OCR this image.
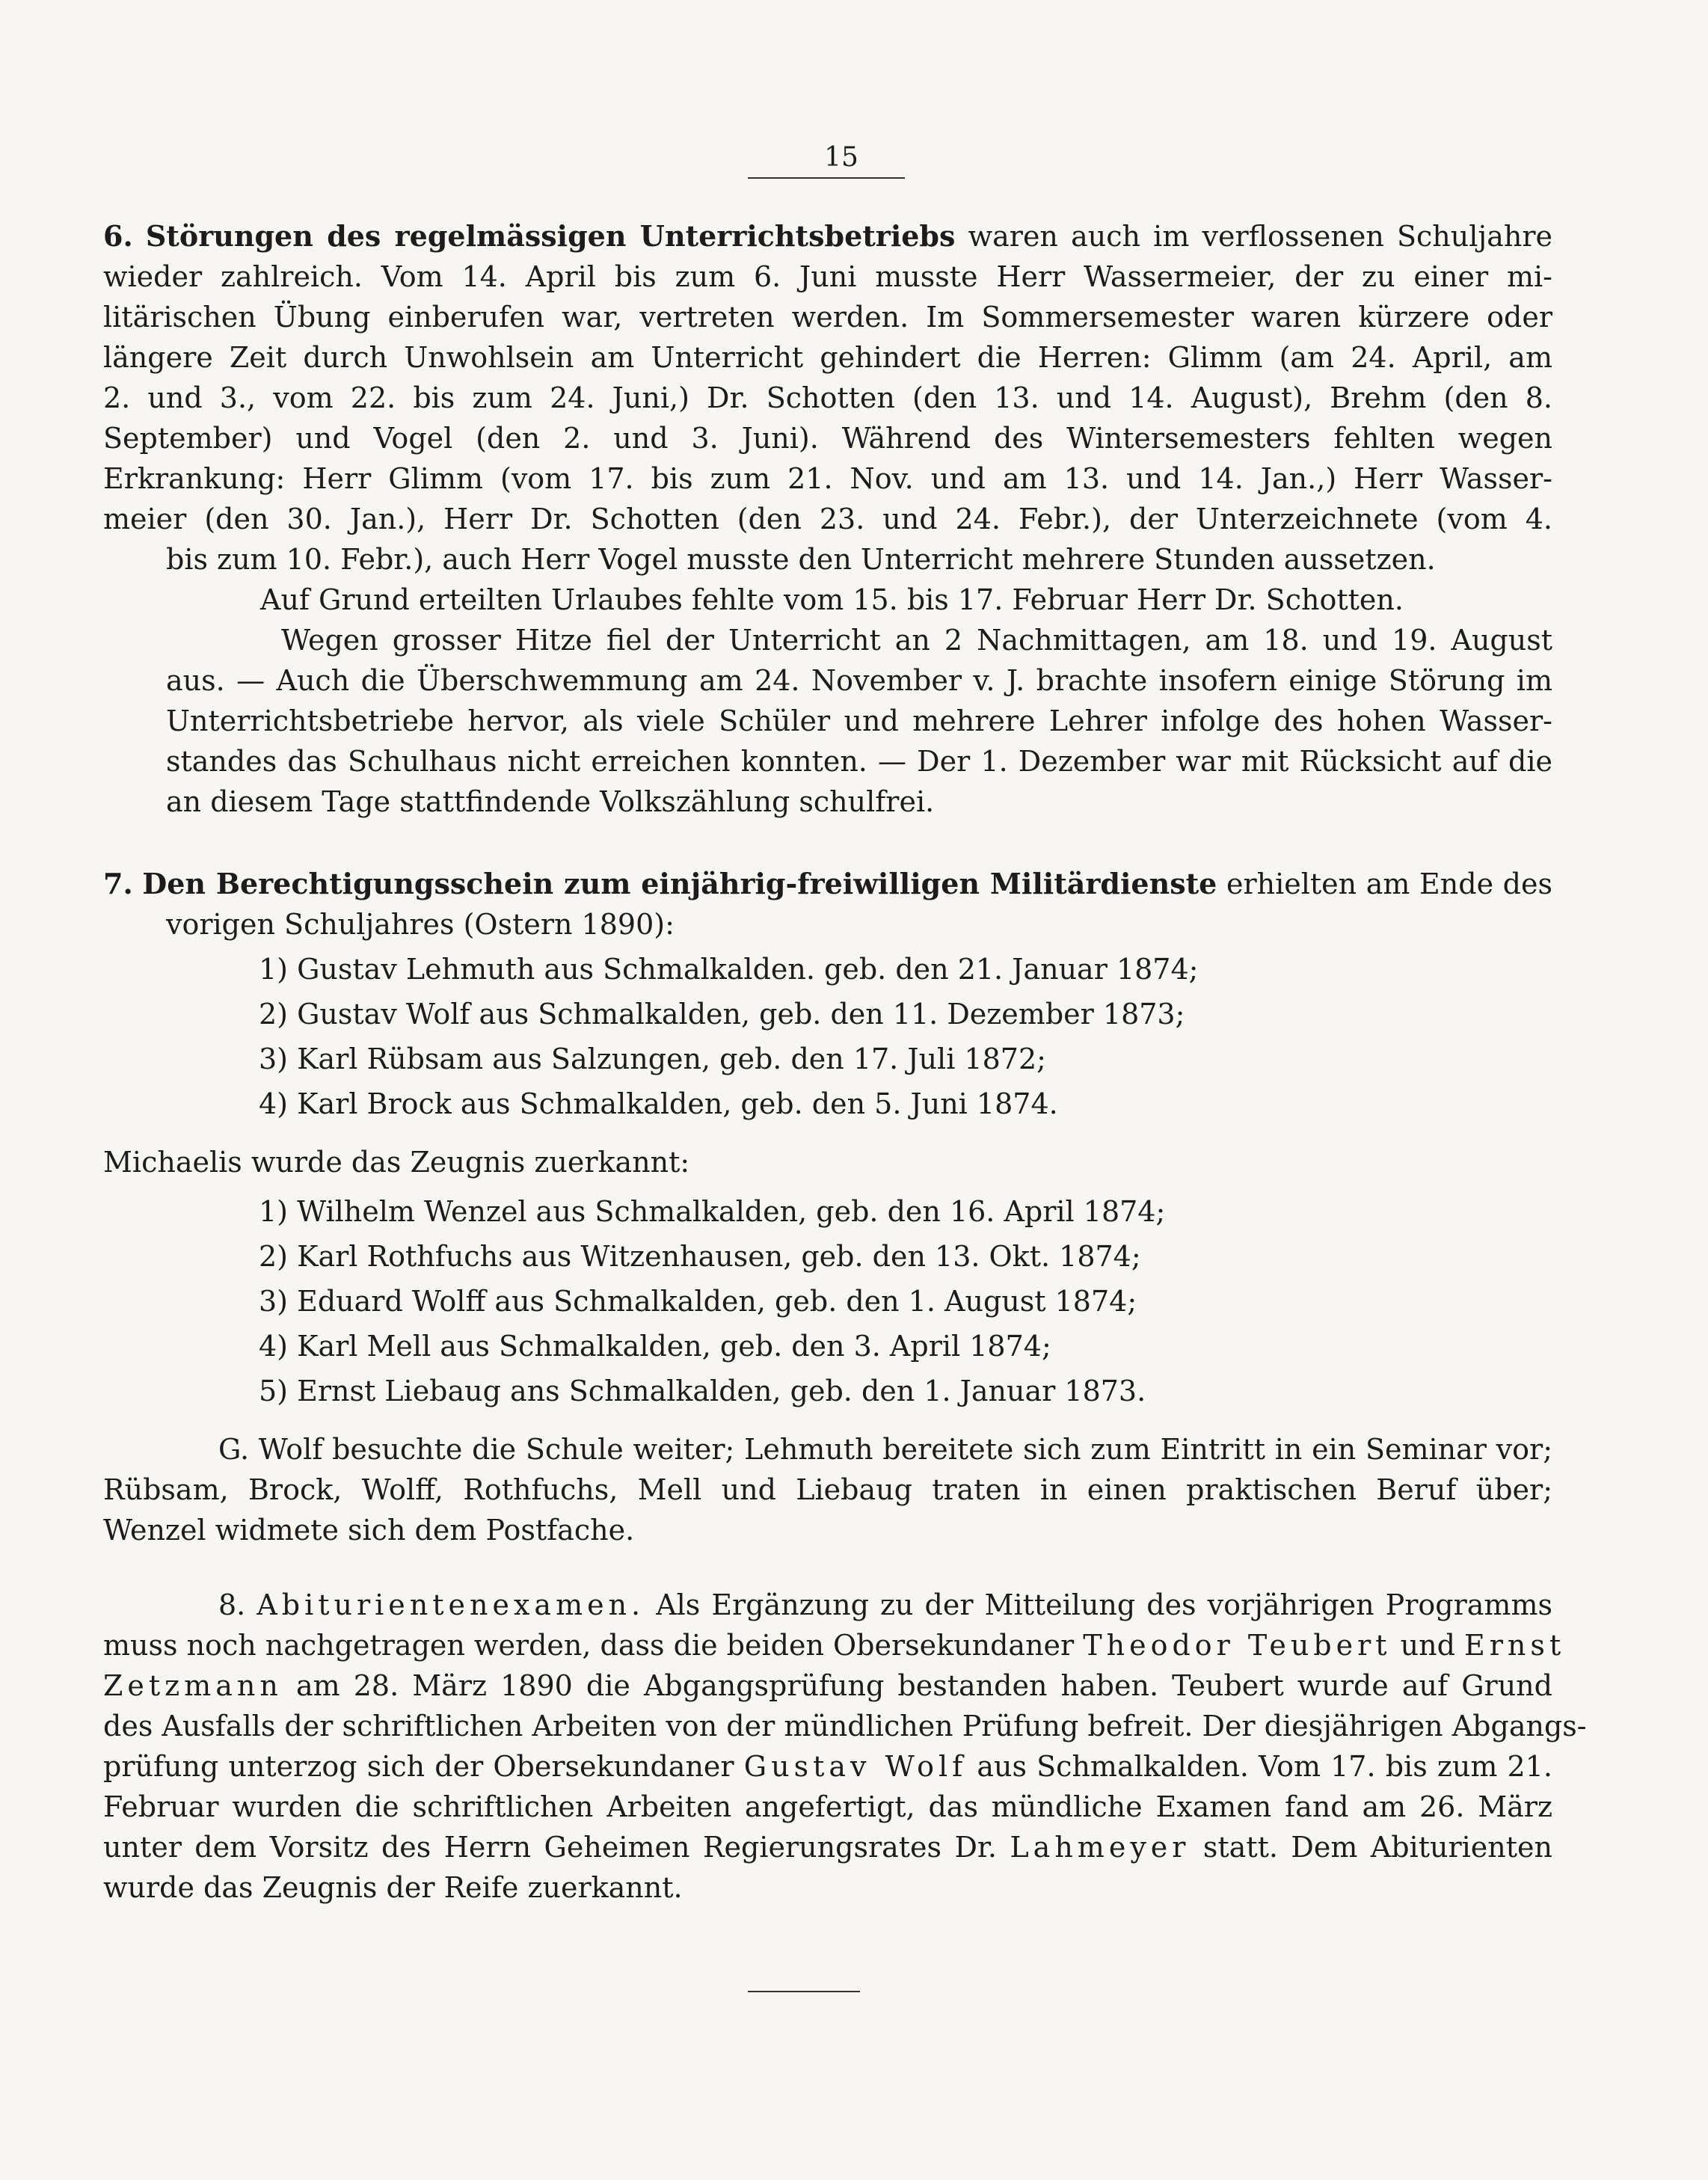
15
6. Störungen des regelmässigen Unterrichtsbetriebs waren auch im verflossenen Schuljahre
wieder zahlreich. Vom 14. April bis zum 6. Juni musste Herr Wassermeier, der zu einer mi-
litärischen Übung einberufen war, vertreten werden. Im Sommersemester waren kürzere oder
längere Zeit durch Unwohlsein am Unterricht gehindert die Herren: Glimm (am 24. April, am
2. und 3., vom 22. bis zum 24. Juni,) Dr. Schotten (den 13. und 14. August), Brehm (den 8.
September) und Vogel (den 2. und 3. Juni). Während des Wintersemesters fehlten wegen
Erkrankung: Herr Glimm (vom 17. bis zum 21. Nov. und am 13. und 14. Jan.,) Herr Wasser-
meier (den 30. Jan.), Herr Dr. Schotten (den 23. und 24. Febr.), der Unterzeichnete (vom 4.
bis zum 10. Febr.), auch Herr Vogel musste den Unterricht mehrere Stunden aussetzen.
Auf Grund erteilten Urlaubes fehlte vom 15. bis 17. Februar Herr Dr. Schotten.
Wegen grosser Hitze fiel der Unterricht an 2 Nachmittagen, am 18. und 19. August
aus. — Auch die Überschwemmung am 24. November v. J. brachte insofern einige Störung im
Unterrichtsbetriebe hervor, als viele Schüler und mehrere Lehrer infolge des hohen Wasser-
standes das Schulhaus nicht erreichen konnten. — Der 1. Dezember war mit Rücksicht auf die
an diesem Tage stattfindende Volkszählung schulfrei.
7. Den Berechtigungsschein zum einjährig-freiwilligen Militärdienste erhielten am Ende des
vorigen Schuljahres (Ostern 1890):
1) Gustav Lehmuth aus Schmalkalden. geb. den 21. Januar 1874;
2) Gustav Wolf aus Schmalkalden, geb. den 11. Dezember 1873;
3) Karl Rübsam aus Salzungen, geb. den 17. Juli 1872;
4) Karl Brock aus Schmalkalden, geb. den 5. Juni 1874.
Michaelis wurde das Zeugnis zuerkannt:
1) Wilhelm Wenzel aus Schmalkalden, geb. den 16. April 1874;
2) Karl Rothfuchs aus Witzenhausen, geb. den 13. Okt. 1874;
3) Eduard Wolff aus Schmalkalden, geb. den 1. August 1874;
4) Karl Mell aus Schmalkalden, geb. den 3. April 1874;
5) Ernst Liebaug ans Schmalkalden, geb. den 1. Januar 1873.
G. Wolf besuchte die Schule weiter; Lehmuth bereitete sich zum Eintritt in ein Seminar vor;
Rübsam, Brock, Wolff, Rothfuchs, Mell und Liebaug traten in einen praktischen Beruf über;
Wenzel widmete sich dem Postfache.
8. Abiturientenexamen. Als Ergänzung zu der Mitteilung des vorjährigen Programms
muss noch nachgetragen werden, dass die beiden Obersekundaner Theodor Teubert und Ernst
Zetzmann am 28. März 1890 die Abgangsprüfung bestanden haben. Teubert wurde auf Grund
des Ausfalls der schriftlichen Arbeiten von der mündlichen Prüfung befreit. Der diesjährigen Abgangs-
prüfung unterzog sich der Obersekundaner Gustav Wolf aus Schmalkalden. Vom 17. bis zum 21.
Februar wurden die schriftlichen Arbeiten angefertigt, das mündliche Examen fand am 26. März
unter dem Vorsitz des Herrn Geheimen Regierungsrates Dr. Lahmeyer statt. Dem Abiturienten
wurde das Zeugnis der Reife zuerkannt.
